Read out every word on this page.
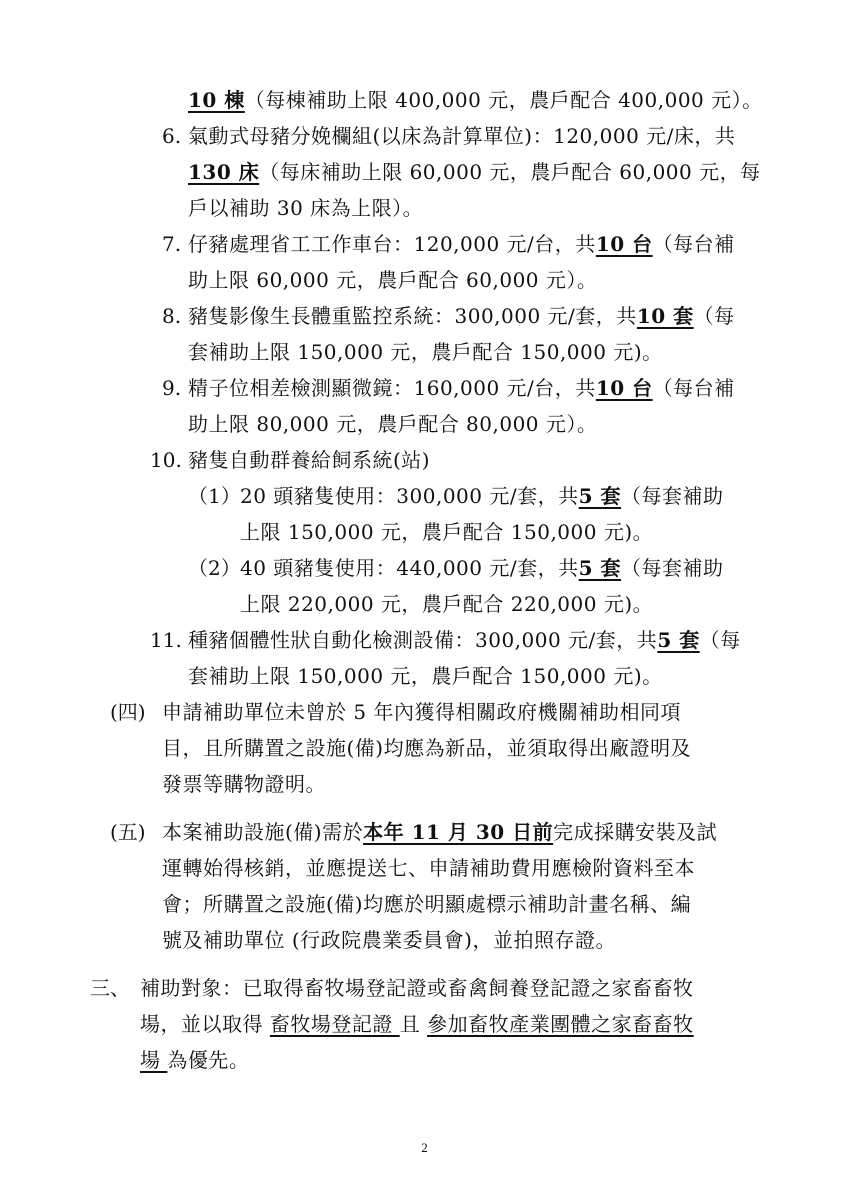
10 棟（每棟補助上限 400,000 元，農戶配合 400,000 元）。
6. 氣動式母豬分娩欄組(以床為計算單位)：120,000 元/床，共
130 床（每床補助上限 60,000 元，農戶配合 60,000 元，每
戶以補助 30 床為上限）。
7. 仔豬處理省工工作車台：120,000 元/台，共10 台（每台補
助上限 60,000 元，農戶配合 60,000 元）。
8. 豬隻影像生長體重監控系統：300,000 元/套，共10 套（每
套補助上限 150,000 元，農戶配合 150,000 元)。
9. 精子位相差檢測顯微鏡：160,000 元/台，共10 台（每台補
助上限 80,000 元，農戶配合 80,000 元）。
10. 豬隻自動群養給飼系統(站)
（1） 20 頭豬隻使用：300,000 元/套，共5 套（每套補助
上限 150,000 元，農戶配合 150,000 元)。
（2） 40 頭豬隻使用：440,000 元/套，共5 套（每套補助
上限 220,000 元，農戶配合 220,000 元)。
11. 種豬個體性狀自動化檢測設備：300,000 元/套，共5 套（每
套補助上限 150,000 元，農戶配合 150,000 元)。
(四) 申請補助單位未曾於 5 年內獲得相關政府機關補助相同項
目，且所購置之設施(備)均應為新品，並須取得出廠證明及
發票等購物證明。
(五) 本案補助設施(備)需於本年 11 月 30 日前完成採購安裝及試
運轉始得核銷，並應提送七、申請補助費用應檢附資料至本
會；所購置之設施(備)均應於明顯處標示補助計畫名稱、編
號及補助單位 (行政院農業委員會)，並拍照存證。
三、 補助對象：已取得畜牧場登記證或畜禽飼養登記證之家畜畜牧
場，並以取得 畜牧場登記證 且 參加畜牧產業團體之家畜畜牧
場 為優先。
2
